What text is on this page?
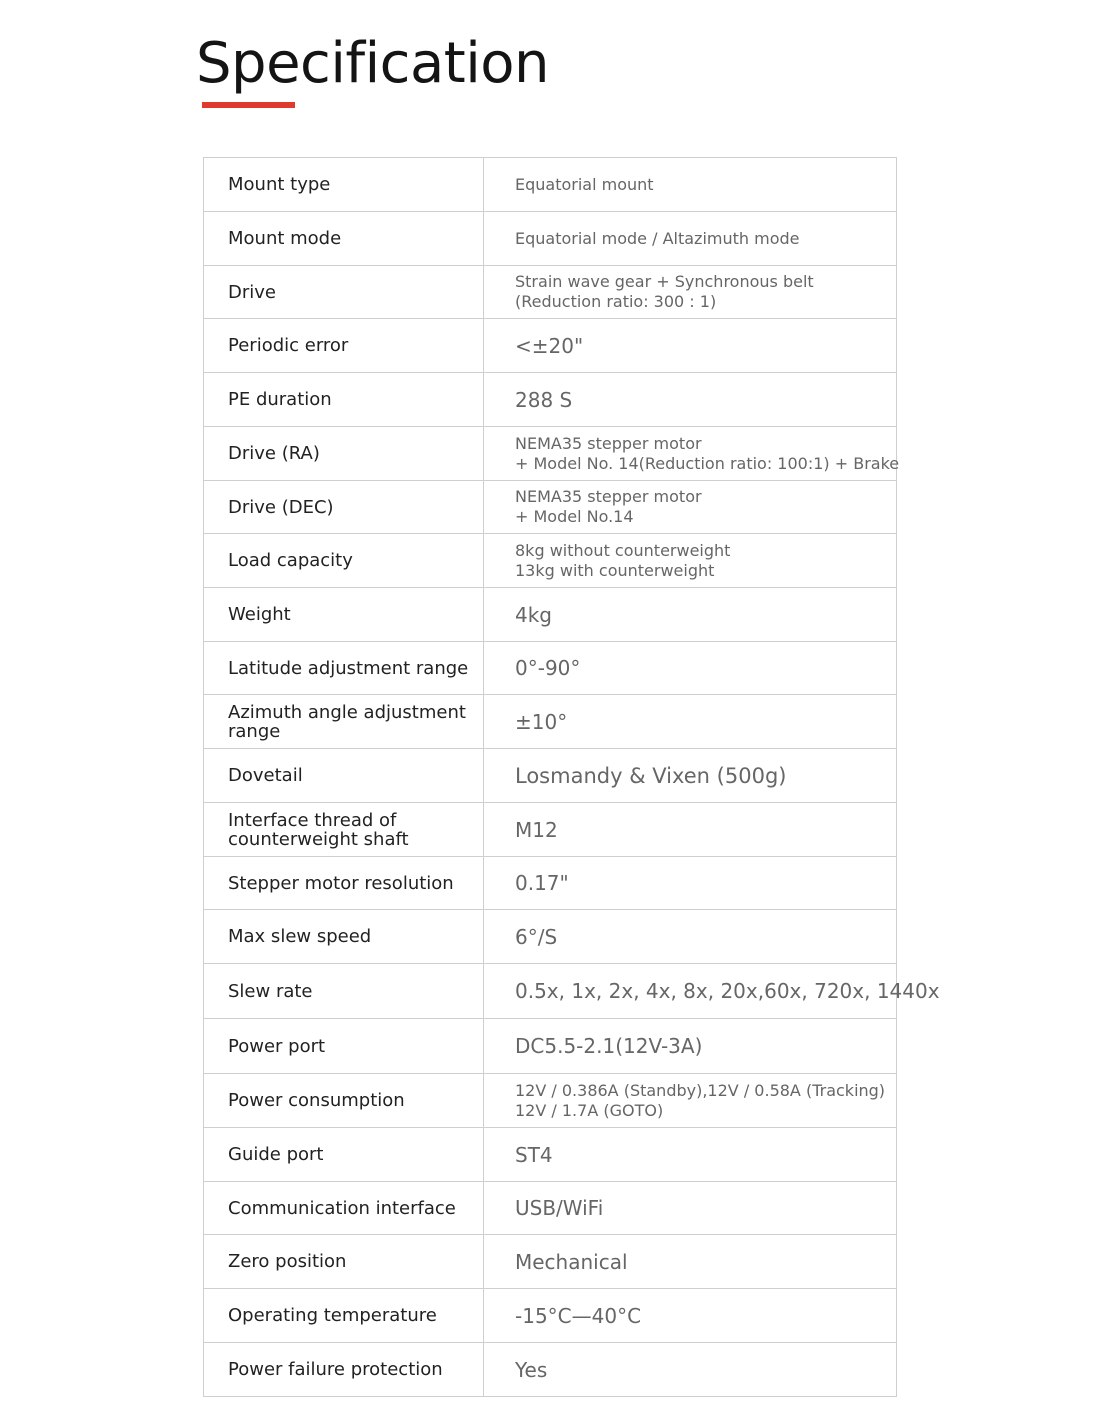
Specification
Mount type	Equatorial mount

Mount mode	Equatorial mode / Altazimuth mode

Drive	Strain wave gear + Synchronous belt
(Reduction ratio: 300 : 1)

Periodic error	<±20"

PE duration	288 S

Drive (RA)	NEMA35 stepper motor
+ Model No. 14(Reduction ratio: 100:1) + Brake

Drive (DEC)	NEMA35 stepper motor
+ Model No.14

Load capacity	8kg without counterweight
13kg with counterweight

Weight	4kg

Latitude adjustment range	0°-90°

Azimuth angle adjustment range	±10°

Dovetail	Losmandy & Vixen (500g)

Interface thread of counterweight shaft	M12

Stepper motor resolution	0.17"

Max slew speed	6°/S

Slew rate	0.5x, 1x, 2x, 4x, 8x, 20x,60x, 720x, 1440x

Power port	DC5.5-2.1(12V-3A)

Power consumption	12V / 0.386A (Standby),12V / 0.58A (Tracking)
12V / 1.7A (GOTO)

Guide port	ST4

Communication interface	USB/WiFi

Zero position	Mechanical

Operating temperature	-15°C—40°C

Power failure protection	Yes
